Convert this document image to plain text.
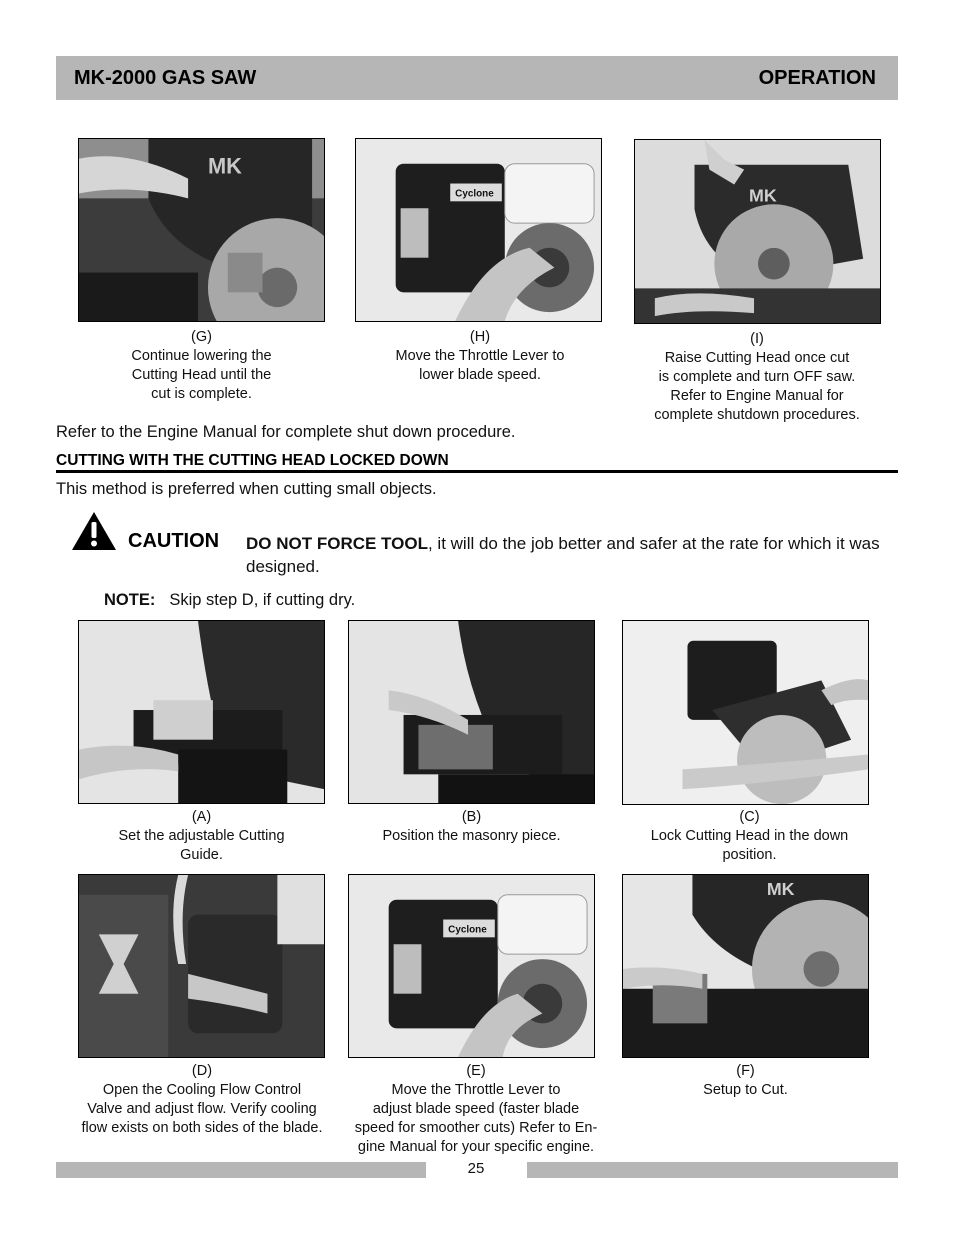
MK-2000 GAS SAW	OPERATION
MK
Cyclone	MK
(G)
Continue lowering the
Cutting Head until the
cut is complete.
(H)
Move the Throttle Lever to
lower blade speed.
(I)
Raise Cutting Head once cut
is complete and turn OFF saw.
Refer to Engine Manual for
complete shutdown procedures.
Refer to the Engine Manual for complete shut down procedure.
CUTTING WITH THE CUTTING HEAD LOCKED DOWN
This method is preferred when cutting small objects.
CAUTION DO NOT FORCE TOOL, it will do the job better and safer at the rate for which it was designed.
NOTE: Skip step D, if cutting dry.
(A)
Set the adjustable Cutting
Guide.
(B)
Position the masonry piece.
(C)
Lock Cutting Head in the down
position.
Cyclone
MK
(D)
Open the Cooling Flow Control
Valve and adjust flow. Verify cooling
flow exists on both sides of the blade.
(E)
Move the Throttle Lever to
adjust blade speed (faster blade
speed for smoother cuts) Refer to En-
gine Manual for your specific engine.
(F)
Setup to Cut.
25
